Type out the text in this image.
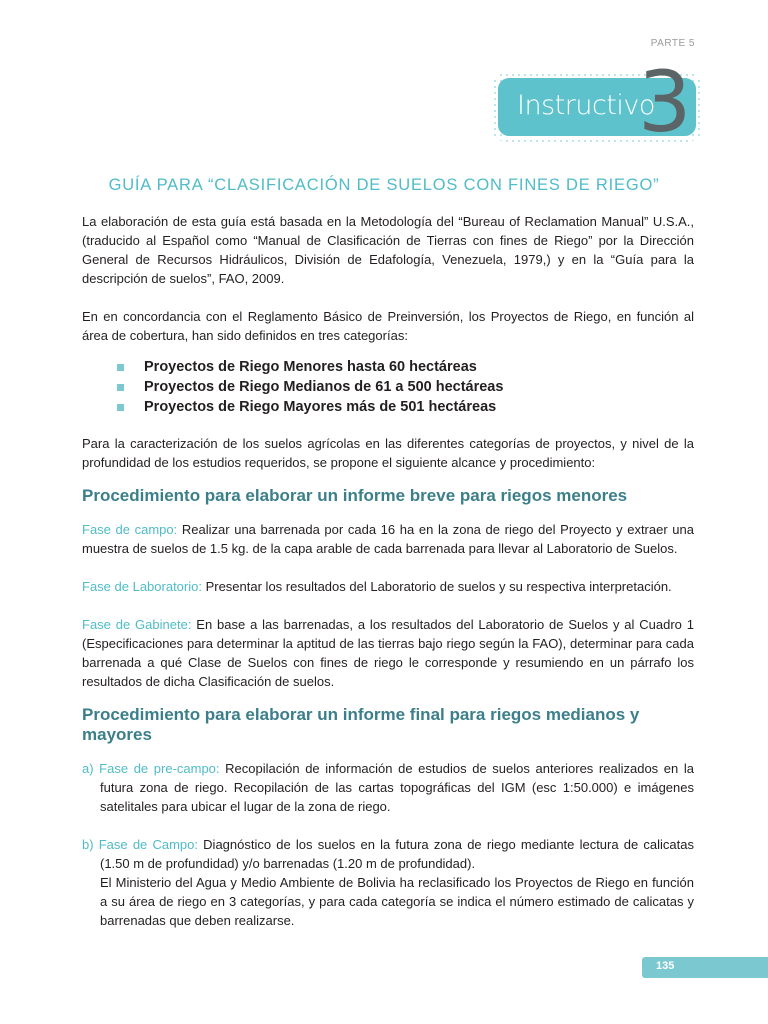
PARTE 5
Instructivo
3
GUÍA PARA “CLASIFICACIÓN DE SUELOS CON FINES DE RIEGO”

La elaboración de esta guía está basada en la Metodología del “Bureau of Reclamation Manual” U.S.A., (traducido al Español como “Manual de Clasificación de Tierras con fines de Riego” por la Dirección General de Recursos Hidráulicos, División de Edafología, Venezuela, 1979,) y en la “Guía para la descripción de suelos”, FAO, 2009.

En en concordancia con el Reglamento Básico de Preinversión, los Proyectos de Riego, en función al área de cobertura, han sido definidos en tres categorías:

Proyectos de Riego Menores hasta 60 hectáreas
Proyectos de Riego Medianos de 61 a 500 hectáreas
Proyectos de Riego Mayores más de 501 hectáreas

Para la caracterización de los suelos agrícolas en las diferentes categorías de proyectos, y nivel de la profundidad de los estudios requeridos, se propone el siguiente alcance y procedimiento:

Procedimiento para elaborar un informe breve para riegos menores

Fase de campo: Realizar una barrenada por cada 16 ha en la zona de riego del Proyecto y extraer una muestra de suelos de 1.5 kg. de la capa arable de cada barrenada para llevar al Laboratorio de Suelos.

Fase de Laboratorio: Presentar los resultados del Laboratorio de suelos y su respectiva interpretación.

Fase de Gabinete: En base a las barrenadas, a los resultados del Laboratorio de Suelos y al Cuadro 1 (Especificaciones para determinar la aptitud de las tierras bajo riego según la FAO), determinar para cada barrenada a qué Clase de Suelos con fines de riego le corresponde y resumiendo en un párrafo los resultados de dicha Clasificación de suelos.

Procedimiento para elaborar un informe final para riegos medianos y mayores

a) Fase de pre-campo: Recopilación de información de estudios de suelos anteriores realizados en la futura zona de riego. Recopilación de las cartas topográficas del IGM (esc 1:50.000) e imágenes satelitales para ubicar el lugar de la zona de riego.

b) Fase de Campo: Diagnóstico de los suelos en la futura zona de riego mediante lectura de calicatas (1.50 m de profundidad) y/o barrenadas (1.20 m de profundidad).

El Ministerio del Agua y Medio Ambiente de Bolivia ha reclasificado los Proyectos de Riego en función a su área de riego en 3 categorías, y para cada categoría se indica el número estimado de calicatas y barrenadas que deben realizarse.

135
